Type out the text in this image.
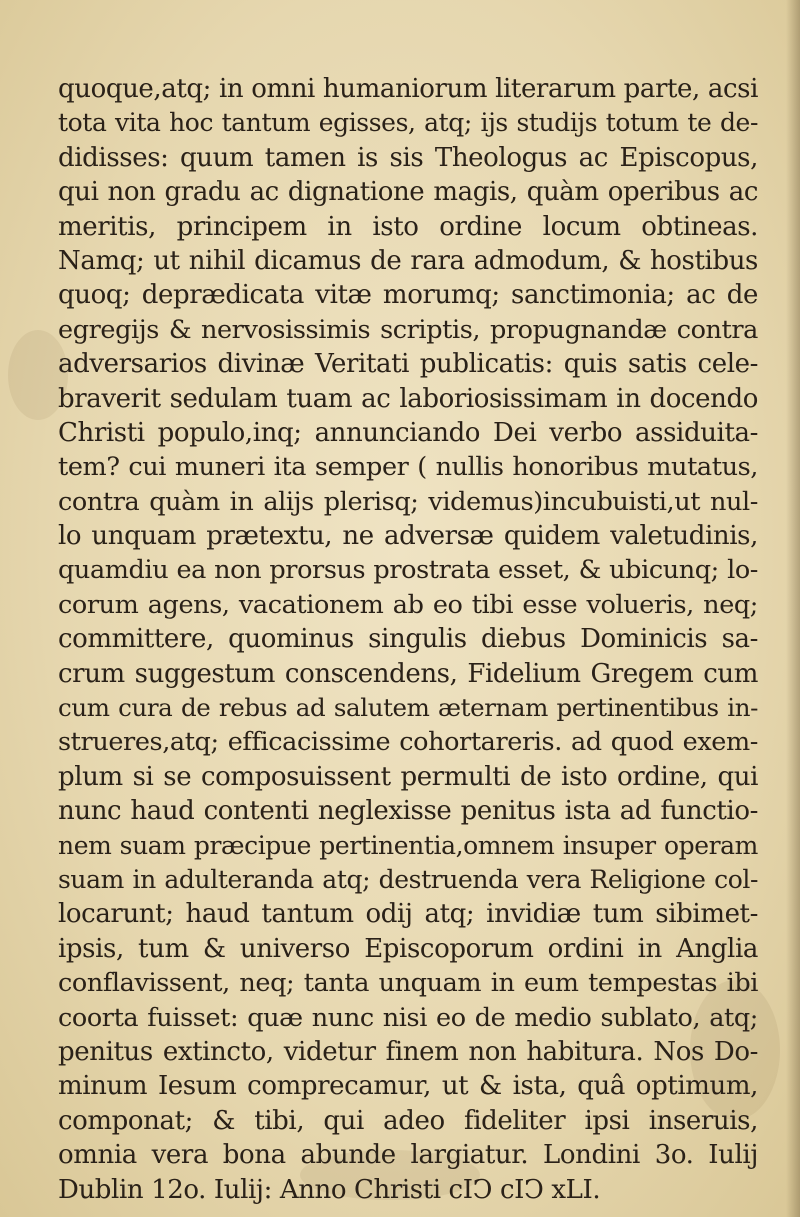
quoque,atq; in omni humaniorum literarum parte, acsi
tota vita hoc tantum egisses, atq; ijs studijs totum te de-
didisses: quum tamen is sis Theologus ac Episcopus,
qui non gradu ac dignatione magis, quàm operibus ac
meritis, principem in isto ordine locum obtineas.
Namq; ut nihil dicamus de rara admodum, & hostibus
quoq; deprædicata vitæ morumq; sanctimonia; ac de
egregijs & nervosissimis scriptis, propugnandæ contra
adversarios divinæ Veritati publicatis: quis satis cele-
braverit sedulam tuam ac laboriosissimam in docendo
Christi populo,inq; annunciando Dei verbo assiduita-
tem? cui muneri ita semper ( nullis honoribus mutatus,
contra quàm in alijs plerisq; videmus)incubuisti,ut nul-
lo unquam prætextu, ne adversæ quidem valetudinis,
quamdiu ea non prorsus prostrata esset, & ubicunq; lo-
corum agens, vacationem ab eo tibi esse volueris, neq;
committere, quominus singulis diebus Dominicis sa-
crum suggestum conscendens, Fidelium Gregem cum
cum cura de rebus ad salutem æternam pertinentibus in-
strueres,atq; efficacissime cohortareris. ad quod exem-
plum si se composuissent permulti de isto ordine, qui
nunc haud contenti neglexisse penitus ista ad functio-
nem suam præcipue pertinentia,omnem insuper operam
suam in adulteranda atq; destruenda vera Religione col-
locarunt; haud tantum odij atq; invidiæ tum sibimet-
ipsis, tum & universo Episcoporum ordini in Anglia
conflavissent, neq; tanta unquam in eum tempestas ibi
coorta fuisset: quæ nunc nisi eo de medio sublato, atq;
penitus extincto, videtur finem non habitura. Nos Do-
minum Iesum comprecamur, ut & ista, quâ optimum,
componat; & tibi, qui adeo fideliter ipsi inseruis,
omnia vera bona abunde largiatur. Londini 3o. Iulij
Dublin 12o. Iulij: Anno Christi cIↃ cIↃ xLI.
